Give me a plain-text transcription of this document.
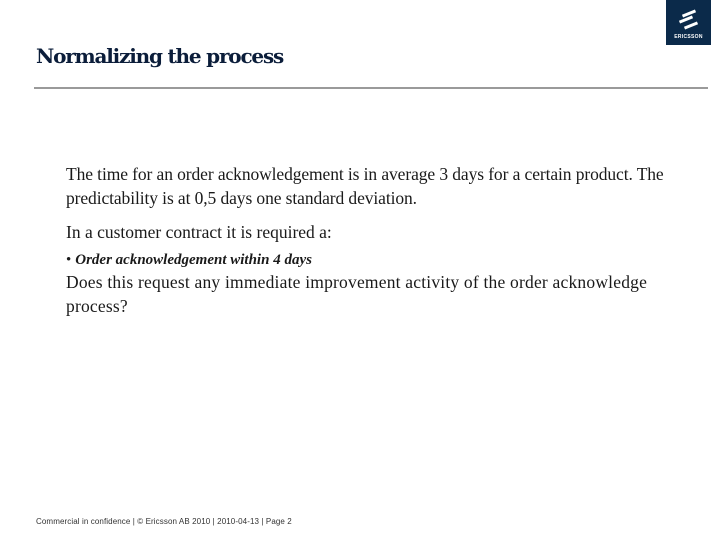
ERICSSON
Normalizing the process
The time for an order acknowledgement is in average 3 days for a certain product. The predictability is at 0,5 days one standard deviation.
In a customer contract it is required a:
• Order acknowledgement within 4 days
Does this request any immediate improvement activity of the order acknowledge process?
Commercial in confidence | © Ericsson AB 2010 | 2010-04-13 | Page 2
